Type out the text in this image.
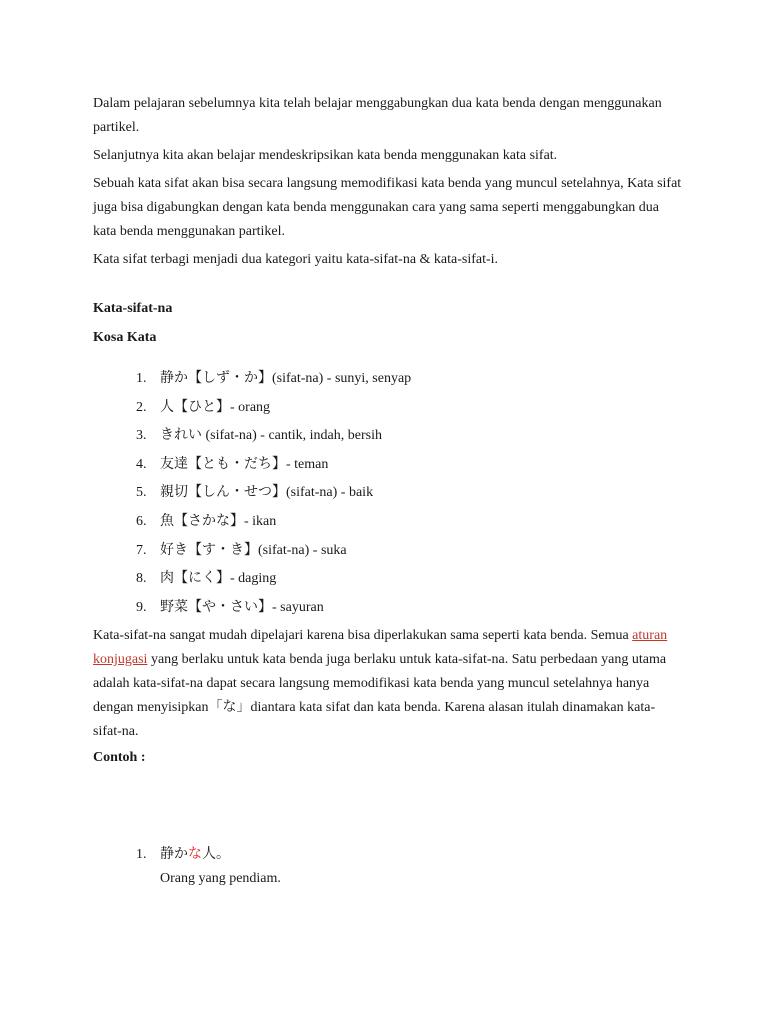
Dalam pelajaran sebelumnya kita telah belajar menggabungkan dua kata benda dengan menggunakan partikel.

Selanjutnya kita akan belajar mendeskripsikan kata benda menggunakan kata sifat.

Sebuah kata sifat akan bisa secara langsung memodifikasi kata benda yang muncul setelahnya, Kata sifat juga bisa digabungkan dengan kata benda menggunakan cara yang sama seperti menggabungkan dua kata benda menggunakan partikel.

Kata sifat terbagi menjadi dua kategori yaitu kata-sifat-na & kata-sifat-i.

Kata-sifat-na
Kosa Kata
1. 静か【しず・か】(sifat-na) - sunyi, senyap
2. 人【ひと】- orang
3. きれい (sifat-na) - cantik, indah, bersih
4. 友達【とも・だち】- teman
5. 親切【しん・せつ】(sifat-na) - baik
6. 魚【さかな】- ikan
7. 好き【す・き】(sifat-na) - suka
8. 肉【にく】- daging
9. 野菜【や・さい】- sayuran

Kata-sifat-na sangat mudah dipelajari karena bisa diperlakukan sama seperti kata benda. Semua aturan konjugasi yang berlaku untuk kata benda juga berlaku untuk kata-sifat-na. Satu perbedaan yang utama adalah kata-sifat-na dapat secara langsung memodifikasi kata benda yang muncul setelahnya hanya dengan menyisipkan「な」diantara kata sifat dan kata benda. Karena alasan itulah dinamakan kata-sifat-na.

Contoh :
1. 静かな人。
Orang yang pendiam.
